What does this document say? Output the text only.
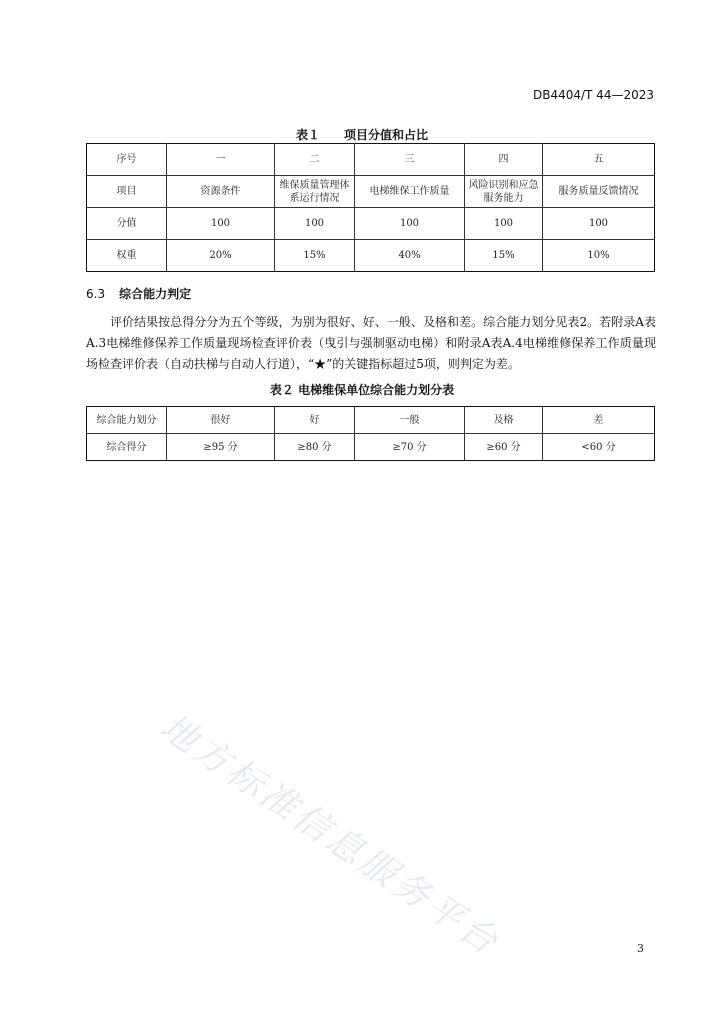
DB4404/T 44—2023
表１　　项目分值和占比
序号	一	二	三	四	五
项目	资源条件	维保质量管理体系运行情况	电梯维保工作质量	风险识别和应急服务能力	服务质量反馈情况
分值	100	100	100	100	100
权重	20%	15%	40%	15%	10%
6.3 综合能力判定
评价结果按总得分分为五个等级，为别为很好、好、一般、及格和差。综合能力划分见表2。若附录A表A.3电梯维修保养工作质量现场检查评价表（曳引与强制驱动电梯）和附录A表A.4电梯维修保养工作质量现场检查评价表（自动扶梯与自动人行道），“★”的关键指标超过5项，则判定为差。
表２ 电梯维保单位综合能力划分表
综合能力划分	很好	好	一般	及格	差
综合得分	≥95 分	≥80 分	≥70 分	≥60 分	<60 分
地方标准信息服务平台	3
